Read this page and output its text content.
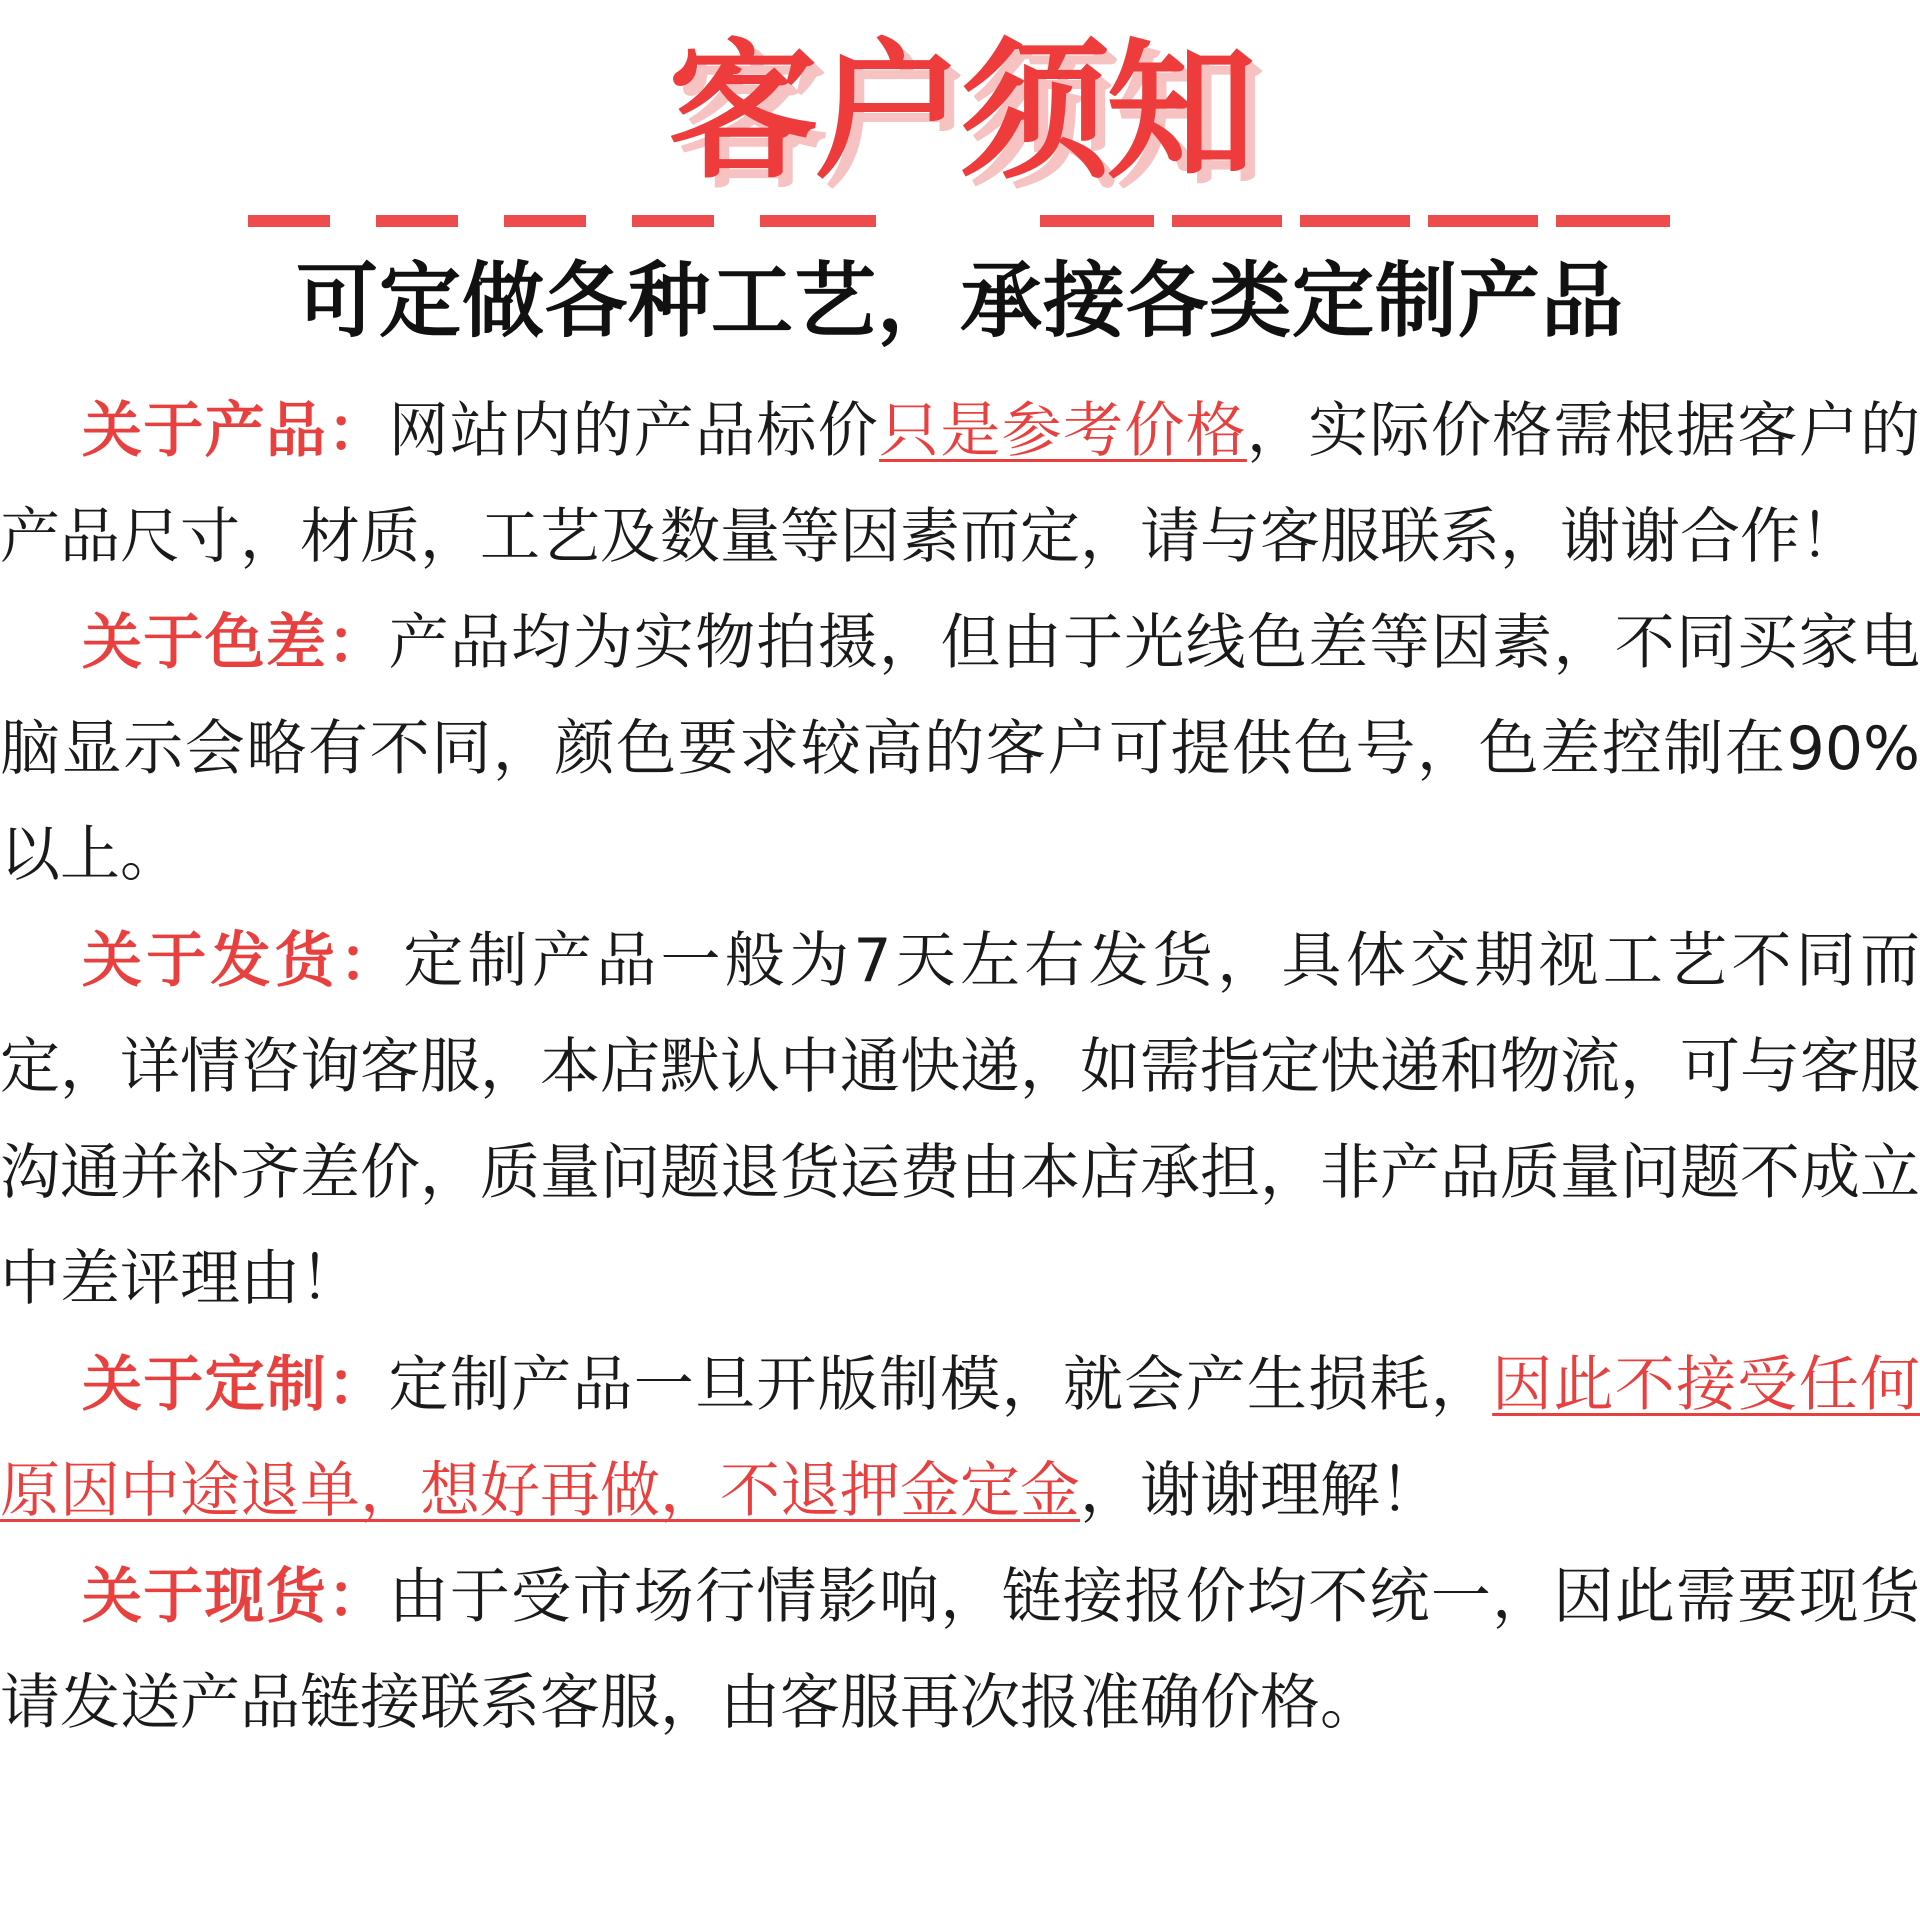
客户须知
可定做各种工艺，承接各类定制产品

关于产品：网站内的产品标价只是参考价格，实际价格需根据客户的产品尺寸，材质，工艺及数量等因素而定，请与客服联系，谢谢合作！

关于色差：产品均为实物拍摄，但由于光线色差等因素，不同买家电脑显示会略有不同，颜色要求较高的客户可提供色号，色差控制在90%以上。

关于发货：定制产品一般为7天左右发货，具体交期视工艺不同而定，详情咨询客服，本店默认中通快递，如需指定快递和物流，可与客服沟通并补齐差价，质量问题退货运费由本店承担，非产品质量问题不成立中差评理由！

关于定制：定制产品一旦开版制模，就会产生损耗，因此不接受任何原因中途退单，想好再做，不退押金定金，谢谢理解！

关于现货：由于受市场行情影响，链接报价均不统一，因此需要现货请发送产品链接联系客服，由客服再次报准确价格。
